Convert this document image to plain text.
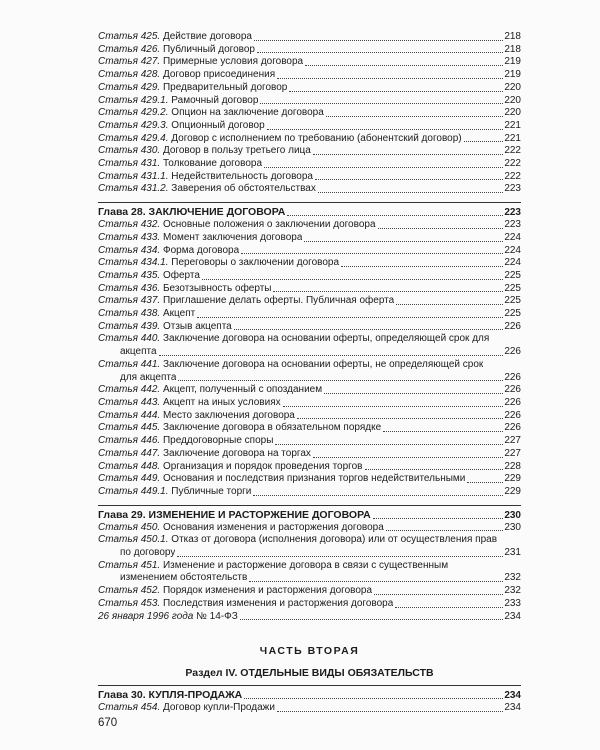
Статья 425. Действие договора	218
Статья 426. Публичный договор	218
Статья 427. Примерные условия договора	219
Статья 428. Договор присоединения	219
Статья 429. Предварительный договор	220
Статья 429.1. Рамочный договор	220
Статья 429.2. Опцион на заключение договора	220
Статья 429.3. Опционный договор	221
Статья 429.4. Договор с исполнением по требованию (абонентский договор)	221
Статья 430. Договор в пользу третьего лица	222
Статья 431. Толкование договора	222
Статья 431.1. Недействительность договора	222
Статья 431.2. Заверения об обстоятельствах	223
Глава 28. ЗАКЛЮЧЕНИЕ ДОГОВОРА	223
Статья 432. Основные положения о заключении договора	223
Статья 433. Момент заключения договора	224
Статья 434. Форма договора	224
Статья 434.1. Переговоры о заключении договора	224
Статья 435. Оферта	225
Статья 436. Безотзывность оферты	225
Статья 437. Приглашение делать оферты. Публичная оферта	225
Статья 438. Акцепт	225
Статья 439. Отзыв акцепта	226
Статья 440. Заключение договора на основании оферты, определяющей срок для
акцепта	226
Статья 441. Заключение договора на основании оферты, не определяющей срок
для акцепта	226
Статья 442. Акцепт, полученный с опозданием	226
Статья 443. Акцепт на иных условиях	226
Статья 444. Место заключения договора	226
Статья 445. Заключение договора в обязательном порядке	226
Статья 446. Преддоговорные споры	227
Статья 447. Заключение договора на торгах	227
Статья 448. Организация и порядок проведения торгов	228
Статья 449. Основания и последствия признания торгов недействительными	229
Статья 449.1. Публичные торги	229
Глава 29. ИЗМЕНЕНИЕ И РАСТОРЖЕНИЕ ДОГОВОРА	230
Статья 450. Основания изменения и расторжения договора	230
Статья 450.1. Отказ от договора (исполнения договора) или от осуществления прав
по договору	231
Статья 451. Изменение и расторжение договора в связи с существенным
изменением обстоятельств	232
Статья 452. Порядок изменения и расторжения договора	232
Статья 453. Последствия изменения и расторжения договора	233
26 января 1996 года № 14-ФЗ	234
ЧАСТЬ ВТОРАЯ
Раздел IV. ОТДЕЛЬНЫЕ ВИДЫ ОБЯЗАТЕЛЬСТВ
Глава 30. КУПЛЯ-ПРОДАЖА	234
Статья 454. Договор купли-Продажи	234
670
